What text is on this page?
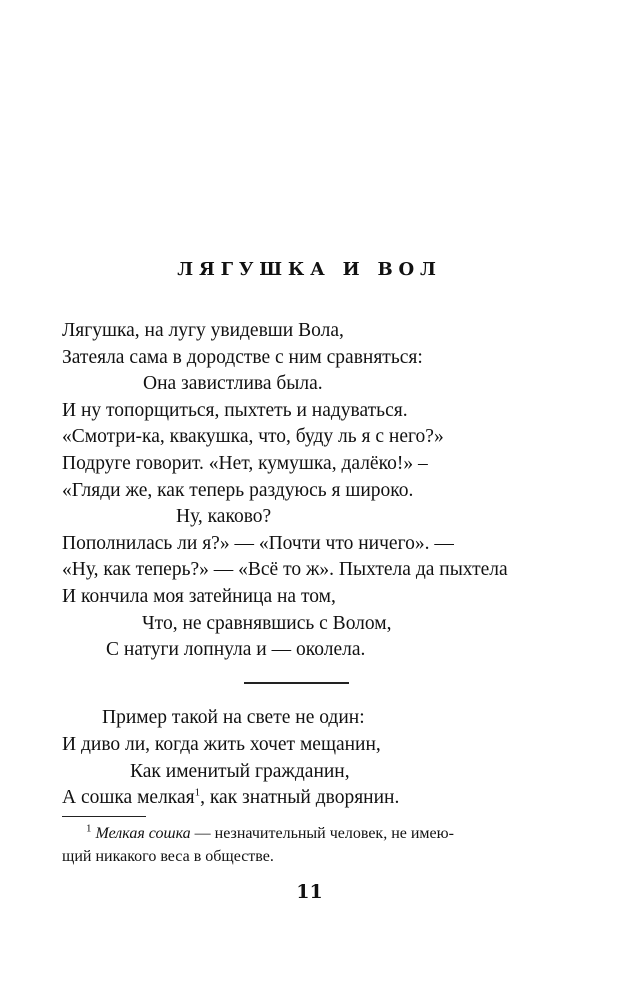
ЛЯГУШКА И ВОЛ
Лягушка, на лугу увидевши Вола,
Затеяла сама в дородстве с ним сравняться:
Она завистлива была.
И ну топорщиться, пыхтеть и надуваться.
«Смотри-ка, квакушка, что, буду ль я с него?»
Подруге говорит. «Нет, кумушка, далёко!» –
«Гляди же, как теперь раздуюсь я широко.
Ну, каково?
Пополнилась ли я?» — «Почти что ничего». —
«Ну, как теперь?» — «Всё то ж». Пыхтела да пыхтела
И кончила моя затейница на том,
Что, не сравнявшись с Волом,
С натуги лопнула и — околела.
Пример такой на свете не один:
И диво ли, когда жить хочет мещанин,
Как именитый гражданин,
А сошка мелкая$^1$, как знатный дворянин.
$^1$ Мелкая сошка — незначительный человек, не имею-
щий никакого веса в обществе.
11
